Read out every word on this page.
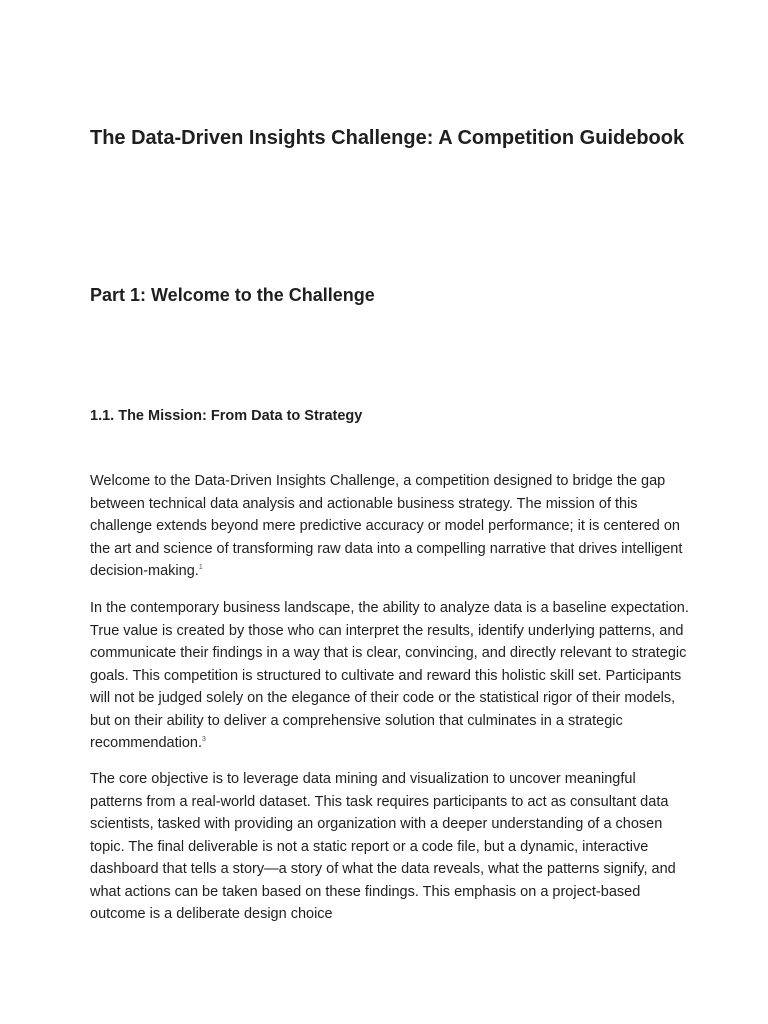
The Data-Driven Insights Challenge: A Competition Guidebook
Part 1: Welcome to the Challenge
1.1. The Mission: From Data to Strategy

Welcome to the Data-Driven Insights Challenge, a competition designed to bridge the gap between technical data analysis and actionable business strategy. The mission of this challenge extends beyond mere predictive accuracy or model performance; it is centered on the art and science of transforming raw data into a compelling narrative that drives intelligent decision-making.$^1$

In the contemporary business landscape, the ability to analyze data is a baseline expectation. True value is created by those who can interpret the results, identify underlying patterns, and communicate their findings in a way that is clear, convincing, and directly relevant to strategic goals. This competition is structured to cultivate and reward this holistic skill set. Participants will not be judged solely on the elegance of their code or the statistical rigor of their models, but on their ability to deliver a comprehensive solution that culminates in a strategic recommendation.$^3$

The core objective is to leverage data mining and visualization to uncover meaningful patterns from a real-world dataset. This task requires participants to act as consultant data scientists, tasked with providing an organization with a deeper understanding of a chosen topic. The final deliverable is not a static report or a code file, but a dynamic, interactive dashboard that tells a story—a story of what the data reveals, what the patterns signify, and what actions can be taken based on these findings. This emphasis on a project-based outcome is a deliberate design choice
